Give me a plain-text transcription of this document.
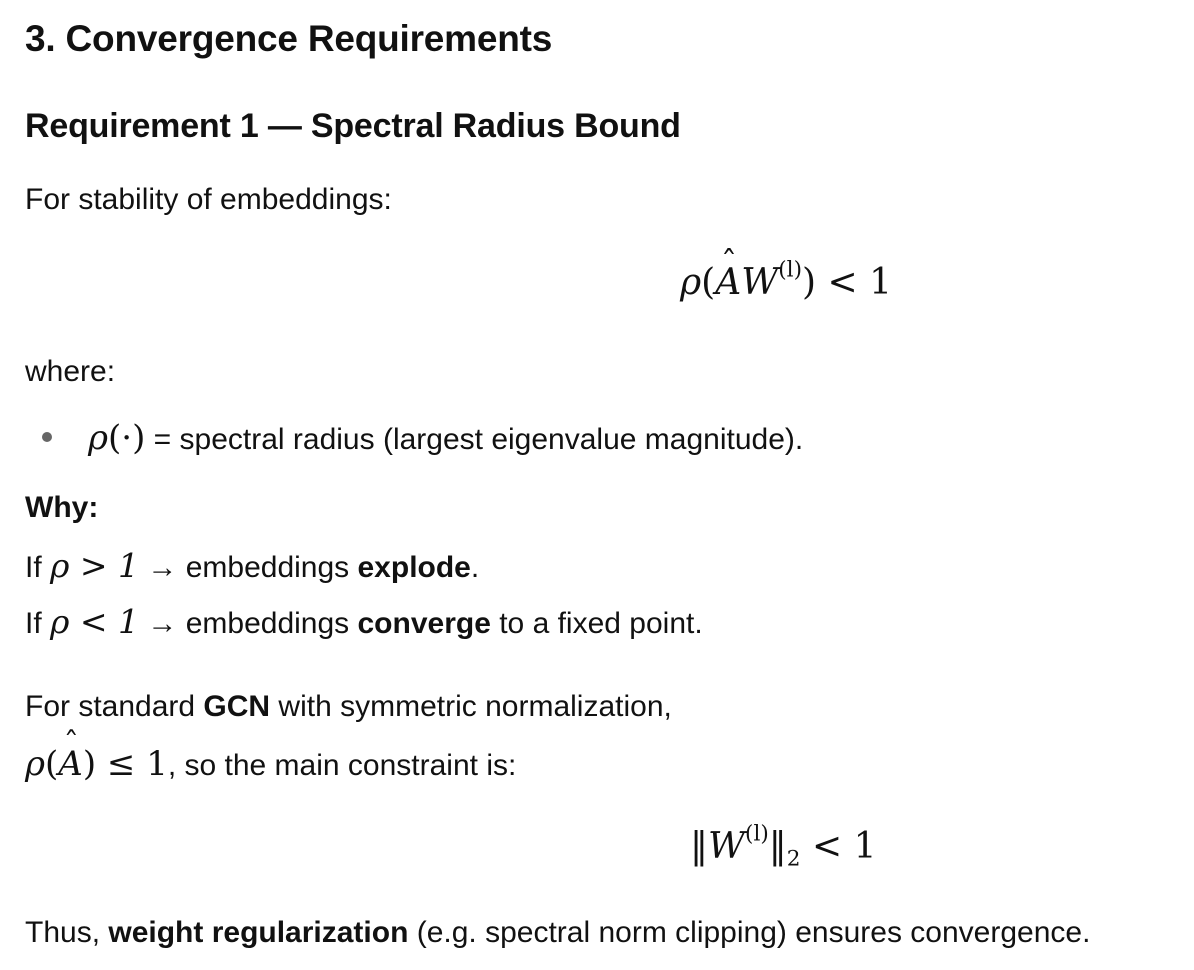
3. Convergence Requirements
Requirement 1 — Spectral Radius Bound

For stability of embeddings:

ρ(ˆ $AW^{(l)}) < 1$

where:

ρ(·) = spectral radius (largest eigenvalue magnitude).

Why:

If ρ > 1 → embeddings explode.
If ρ < 1 → embeddings converge to a fixed point.
For standard GCN with symmetric normalization,
ρ(ˆ A) ≤ 1, so the main constraint is:
$‖W^{(l)}‖_2 < 1$
Thus, weight regularization (e.g. spectral norm clipping) ensures convergence.
